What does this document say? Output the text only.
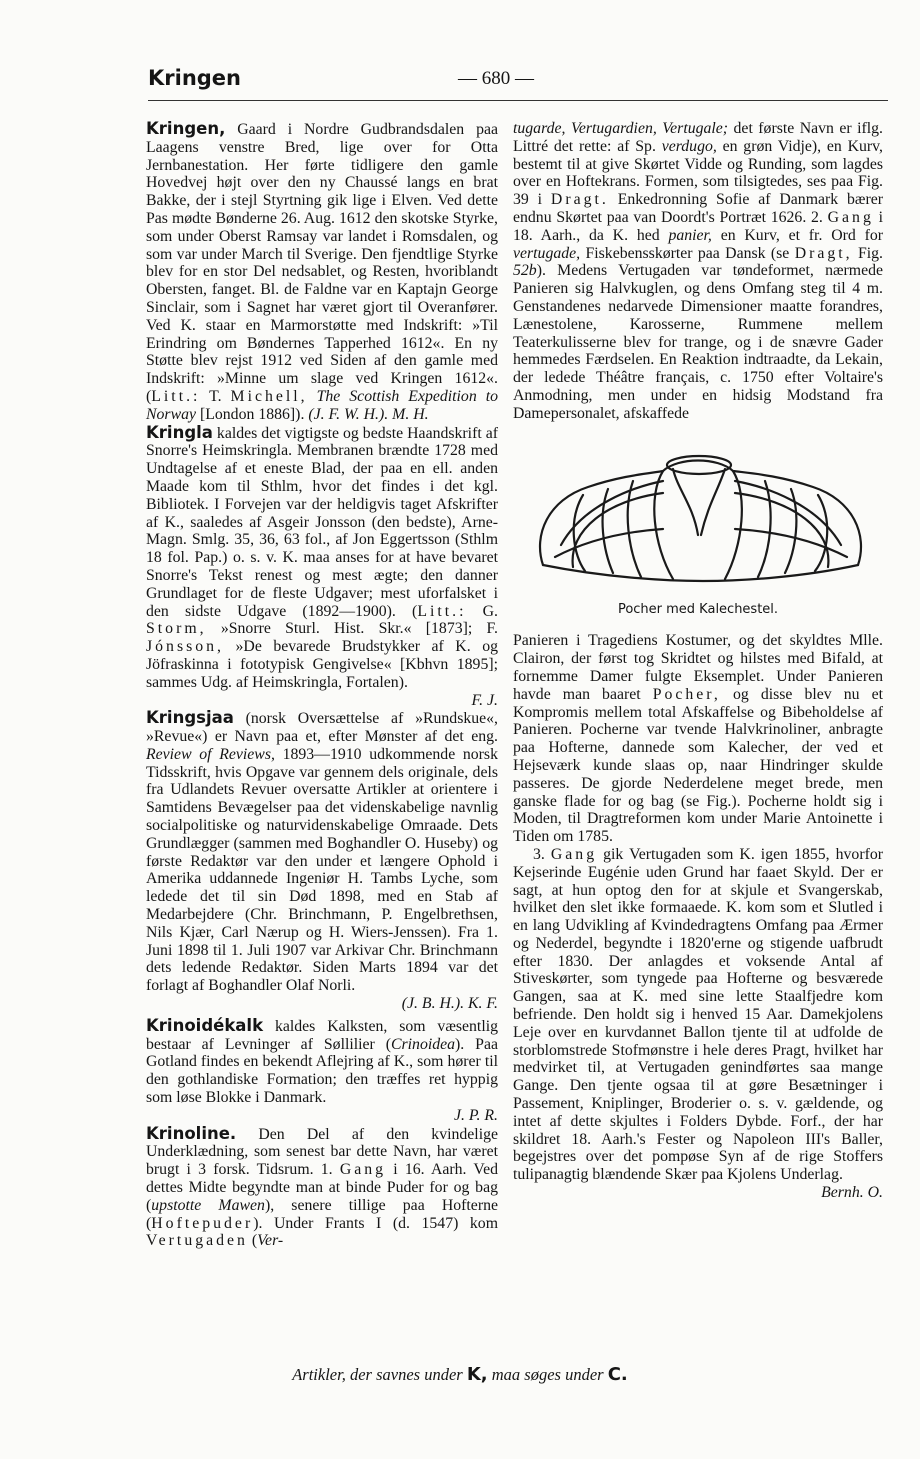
Kringen	— 680 —

Kringen, Gaard i Nordre Gudbrandsdalen paa Laagens venstre Bred, lige over for Otta Jernbanestation. Her førte tidligere den gamle Hovedvej højt over den ny Chaussé langs en brat Bakke, der i stejl Styrtning gik lige i Elven. Ved dette Pas mødte Bønderne 26. Aug. 1612 den skotske Styrke, som under Oberst Ramsay var landet i Romsdalen, og som var under March til Sverige. Den fjendtlige Styrke blev for en stor Del nedsablet, og Resten, hvoriblandt Obersten, fanget. Bl. de Faldne var en Kaptajn George Sinclair, som i Sagnet har været gjort til Overanfører. Ved K. staar en Marmorstøtte med Indskrift: »Til Erindring om Bøndernes Tapperhed 1612«. En ny Støtte blev rejst 1912 ved Siden af den gamle med Indskrift: »Minne um slage ved Kringen 1612«. (Litt.: T. Michell, The Scottish Expedition to Norway [London 1886]). (J. F. W. H.). M. H.

Kringla kaldes det vigtigste og bedste Haandskrift af Snorre's Heimskringla. Membranen brændte 1728 med Undtagelse af et eneste Blad, der paa en ell. anden Maade kom til Sthlm, hvor det findes i det kgl. Bibliotek. I Forvejen var der heldigvis taget Afskrifter af K., saaledes af Asgeir Jonsson (den bedste), Arne-Magn. Smlg. 35, 36, 63 fol., af Jon Eggertsson (Sthlm 18 fol. Pap.) o. s. v. K. maa anses for at have bevaret Snorre's Tekst renest og mest ægte; den danner Grundlaget for de fleste Udgaver; mest uforfalsket i den sidste Udgave (1892—1900). (Litt.: G. Storm, »Snorre Sturl. Hist. Skr.« [1873]; F. Jónsson, »De bevarede Brudstykker af K. og Jöfraskinna i fototypisk Gengivelse« [Kbhvn 1895]; sammes Udg. af Heimskringla, Fortalen).

F. J.

Kringsjaa (norsk Oversættelse af »Rundskue«, »Revue«) er Navn paa et, efter Mønster af det eng. Review of Reviews, 1893—1910 udkommende norsk Tidsskrift, hvis Opgave var gennem dels originale, dels fra Udlandets Revuer oversatte Artikler at orientere i Samtidens Bevægelser paa det videnskabelige navnlig socialpolitiske og naturvidenskabelige Omraade. Dets Grundlægger (sammen med Boghandler O. Huseby) og første Redaktør var den under et længere Ophold i Amerika uddannede Ingeniør H. Tambs Lyche, som ledede det til sin Død 1898, med en Stab af Medarbejdere (Chr. Brinchmann, P. Engelbrethsen, Nils Kjær, Carl Nærup og H. Wiers-Jenssen). Fra 1. Juni 1898 til 1. Juli 1907 var Arkivar Chr. Brinchmann dets ledende Redaktør. Siden Marts 1894 var det forlagt af Boghandler Olaf Norli.

(J. B. H.). K. F.

Krinoidékalk kaldes Kalksten, som væsentlig bestaar af Levninger af Søllilier (Crinoidea). Paa Gotland findes en bekendt Aflejring af K., som hører til den gothlandiske Formation; den træffes ret hyppig som løse Blokke i Danmark.

J. P. R.

Krinoline. Den Del af den kvindelige Underklædning, som senest bar dette Navn, har været brugt i 3 forsk. Tidsrum. 1. Gang i 16. Aarh. Ved dettes Midte begyndte man at binde Puder for og bag (upstotte Mawen), senere tillige paa Hofterne (Hoftepuder). Under Frants I (d. 1547) kom Vertugaden (Ver-

tugarde, Vertugardien, Vertugale; det første Navn er iflg. Littré det rette: af Sp. verdugo, en grøn Vidje), en Kurv, bestemt til at give Skørtet Vidde og Runding, som lagdes over en Hoftekrans. Formen, som tilsigtedes, ses paa Fig. 39 i Dragt. Enkedronning Sofie af Danmark bærer endnu Skørtet paa van Doordt's Portræt 1626. 2. Gang i 18. Aarh., da K. hed panier, en Kurv, et fr. Ord for vertugade, Fiskebensskørter paa Dansk (se Dragt, Fig. 52b). Medens Vertugaden var tøndeformet, nærmede Panieren sig Halvkuglen, og dens Omfang steg til 4 m. Genstandenes nedarvede Dimensioner maatte forandres, Lænestolene, Karosserne, Rummene mellem Teaterkulisserne blev for trange, og i de snævre Gader hemmedes Færdselen. En Reaktion indtraadte, da Lekain, der ledede Théâtre français, c. 1750 efter Voltaire's Anmodning, men under en hidsig Modstand fra Damepersonalet, afskaffede

Pocher med Kalechestel.

Panieren i Tragediens Kostumer, og det skyldtes Mlle. Clairon, der først tog Skridtet og hilstes med Bifald, at fornemme Damer fulgte Eksemplet. Under Panieren havde man baaret Pocher, og disse blev nu et Kompromis mellem total Afskaffelse og Bibeholdelse af Panieren. Pocherne var tvende Halvkrinoliner, anbragte paa Hofterne, dannede som Kalecher, der ved et Hejseværk kunde slaas op, naar Hindringer skulde passeres. De gjorde Nederdelene meget brede, men ganske flade for og bag (se Fig.). Pocherne holdt sig i Moden, til Dragtreformen kom under Marie Antoinette i Tiden om 1785.

3. Gang gik Vertugaden som K. igen 1855, hvorfor Kejserinde Eugénie uden Grund har faaet Skyld. Der er sagt, at hun optog den for at skjule et Svangerskab, hvilket den slet ikke formaaede. K. kom som et Slutled i en lang Udvikling af Kvindedragtens Omfang paa Ærmer og Nederdel, begyndte i 1820'erne og stigende uafbrudt efter 1830. Der anlagdes et voksende Antal af Stiveskørter, som tyngede paa Hofterne og besværede Gangen, saa at K. med sine lette Staalfjedre kom befriende. Den holdt sig i henved 15 Aar. Damekjolens Leje over en kurvdannet Ballon tjente til at udfolde de storblomstrede Stofmønstre i hele deres Pragt, hvilket har medvirket til, at Vertugaden genindførtes saa mange Gange. Den tjente ogsaa til at gøre Besætninger i Passement, Kniplinger, Broderier o. s. v. gældende, og intet af dette skjultes i Folders Dybde. Forf., der har skildret 18. Aarh.'s Fester og Napoleon III's Baller, begejstres over det pompøse Syn af de rige Stoffers tulipanagtig blændende Skær paa Kjolens Underlag.

Bernh. O.

Artikler, der savnes under K, maa søges under C.
